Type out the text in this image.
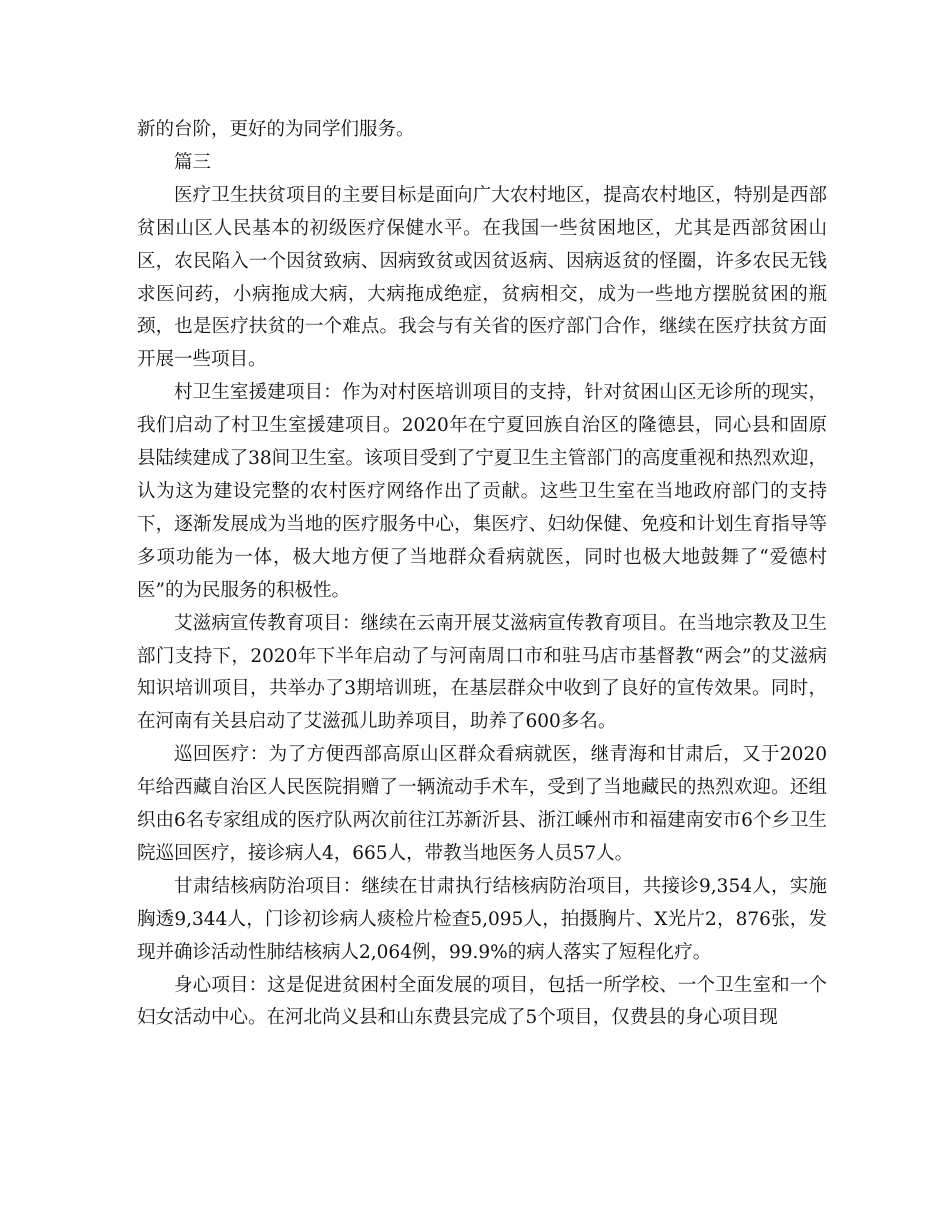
新的台阶，更好的为同学们服务。

篇三

医疗卫生扶贫项目的主要目标是面向广大农村地区，提高农村地区，特别是西部贫困山区人民基本的初级医疗保健水平。在我国一些贫困地区，尤其是西部贫困山区，农民陷入一个因贫致病、因病致贫或因贫返病、因病返贫的怪圈，许多农民无钱求医问药，小病拖成大病，大病拖成绝症，贫病相交，成为一些地方摆脱贫困的瓶颈，也是医疗扶贫的一个难点。我会与有关省的医疗部门合作，继续在医疗扶贫方面开展一些项目。

村卫生室援建项目：作为对村医培训项目的支持，针对贫困山区无诊所的现实，我们启动了村卫生室援建项目。2020年在宁夏回族自治区的隆德县，同心县和固原县陆续建成了38间卫生室。该项目受到了宁夏卫生主管部门的高度重视和热烈欢迎，认为这为建设完整的农村医疗网络作出了贡献。这些卫生室在当地政府部门的支持下，逐渐发展成为当地的医疗服务中心，集医疗、妇幼保健、免疫和计划生育指导等多项功能为一体，极大地方便了当地群众看病就医，同时也极大地鼓舞了“爱德村医”的为民服务的积极性。

艾滋病宣传教育项目：继续在云南开展艾滋病宣传教育项目。在当地宗教及卫生部门支持下，2020年下半年启动了与河南周口市和驻马店市基督教“两会”的艾滋病知识培训项目，共举办了3期培训班，在基层群众中收到了良好的宣传效果。同时，在河南有关县启动了艾滋孤儿助养项目，助养了600多名。

巡回医疗：为了方便西部高原山区群众看病就医，继青海和甘肃后，又于2020年给西藏自治区人民医院捐赠了一辆流动手术车，受到了当地藏民的热烈欢迎。还组织由6名专家组成的医疗队两次前往江苏新沂县、浙江嵊州市和福建南安市6个乡卫生院巡回医疗，接诊病人4，665人，带教当地医务人员57人。

甘肃结核病防治项目：继续在甘肃执行结核病防治项目，共接诊9,354人，实施胸透9,344人，门诊初诊病人痰检片检查5,095人，拍摄胸片、X光片2，876张，发现并确诊活动性肺结核病人2,064例，99.9%的病人落实了短程化疗。

身心项目：这是促进贫困村全面发展的项目，包括一所学校、一个卫生室和一个妇女活动中心。在河北尚义县和山东费县完成了5个项目，仅费县的身心项目现
